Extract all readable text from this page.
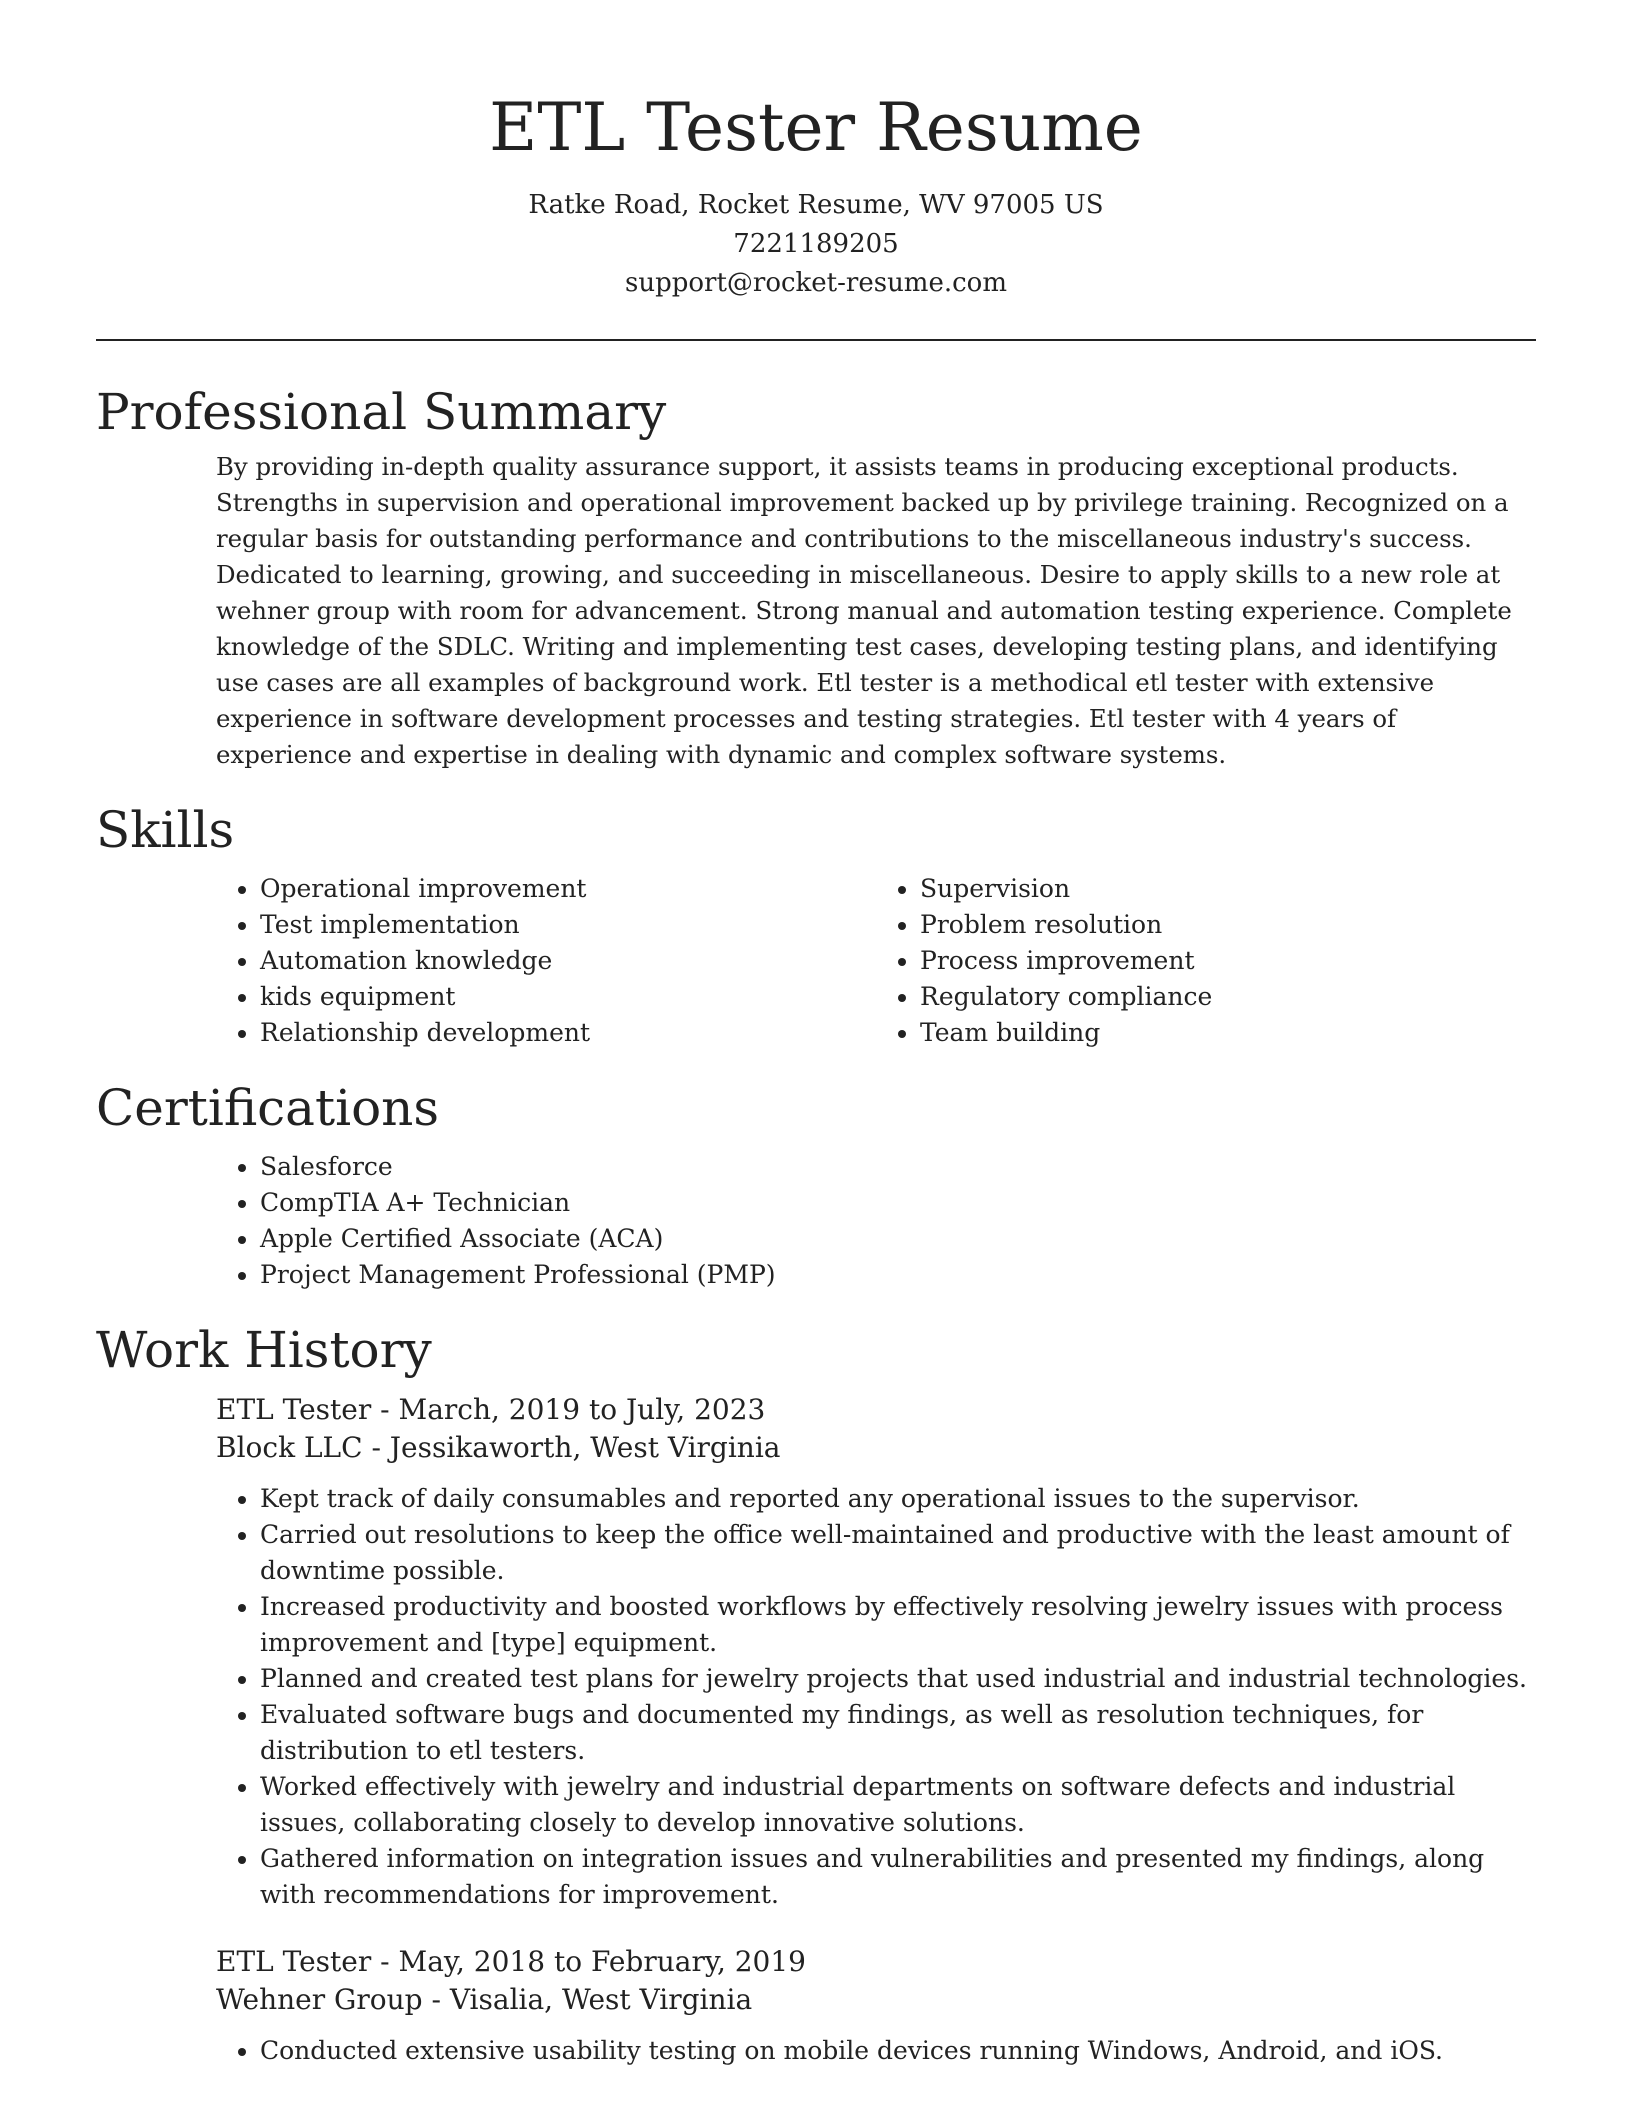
ETL Tester Resume
Ratke Road, Rocket Resume, WV 97005 US
7221189205
support@rocket-resume.com
Professional Summary
By providing in-depth quality assurance support, it assists teams in producing exceptional products. Strengths in supervision and operational improvement backed up by privilege training. Recognized on a regular basis for outstanding performance and contributions to the miscellaneous industry's success. Dedicated to learning, growing, and succeeding in miscellaneous. Desire to apply skills to a new role at wehner group with room for advancement. Strong manual and automation testing experience. Complete knowledge of the SDLC. Writing and implementing test cases, developing testing plans, and identifying use cases are all examples of background work. Etl tester is a methodical etl tester with extensive experience in software development processes and testing strategies. Etl tester with 4 years of experience and expertise in dealing with dynamic and complex software systems.
Skills
• Operational improvement
• Test implementation
• Automation knowledge
• kids equipment
• Relationship development
• Supervision
• Problem resolution
• Process improvement
• Regulatory compliance
• Team building
Certifications
• Salesforce
• CompTIA A+ Technician
• Apple Certified Associate (ACA)
• Project Management Professional (PMP)
Work History
ETL Tester - March, 2019 to July, 2023
Block LLC - Jessikaworth, West Virginia
• Kept track of daily consumables and reported any operational issues to the supervisor.
• Carried out resolutions to keep the office well-maintained and productive with the least amount of downtime possible.
• Increased productivity and boosted workflows by effectively resolving jewelry issues with process improvement and [type] equipment.
• Planned and created test plans for jewelry projects that used industrial and industrial technologies.
• Evaluated software bugs and documented my findings, as well as resolution techniques, for distribution to etl testers.
• Worked effectively with jewelry and industrial departments on software defects and industrial issues, collaborating closely to develop innovative solutions.
• Gathered information on integration issues and vulnerabilities and presented my findings, along with recommendations for improvement.
ETL Tester - May, 2018 to February, 2019
Wehner Group - Visalia, West Virginia
• Conducted extensive usability testing on mobile devices running Windows, Android, and iOS.
